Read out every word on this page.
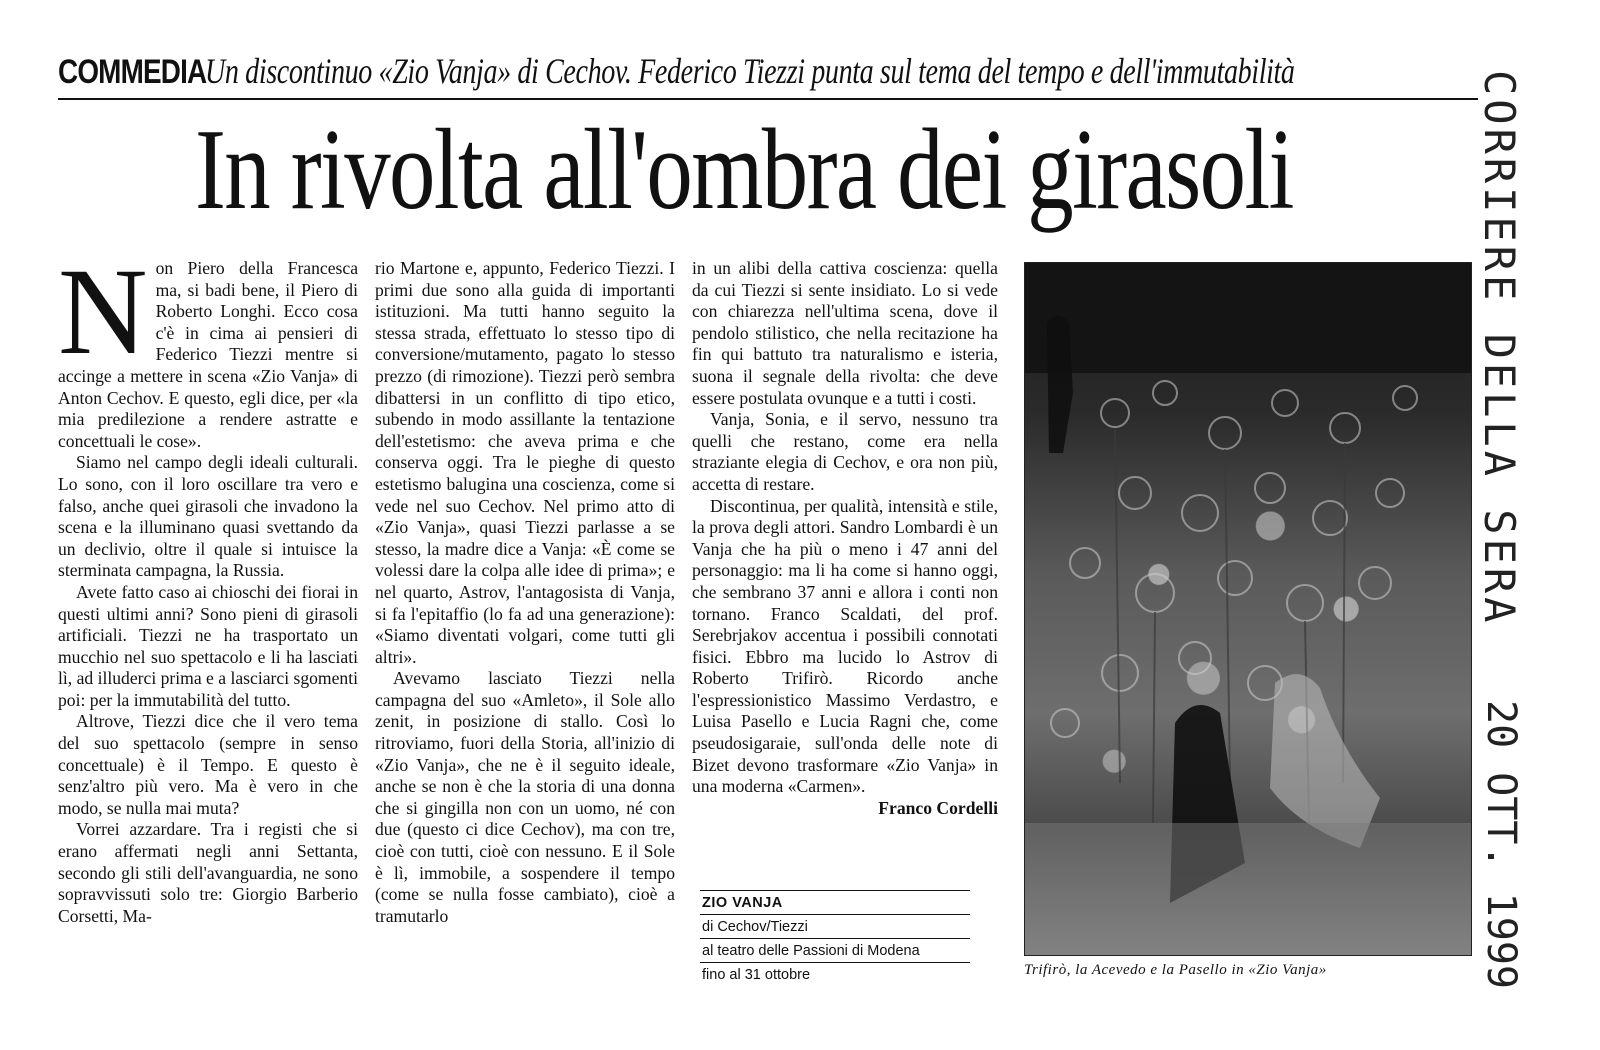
COMMEDIA Un discontinuo «Zio Vanja» di Cechov. Federico Tiezzi punta sul tema del tempo e dell'immutabilità
In rivolta all'ombra dei girasoli	CORRIERE DELLA SERA
20 OTT. 1999
N on Piero della Francesca ma, si badi bene, il Piero di Roberto Longhi. Ecco cosa c'è in cima ai pensieri di Federico Tiezzi mentre si accinge a mettere in scena «Zio Vanja» di Anton Cechov. E questo, egli dice, per «la mia predilezione a rendere astratte e concettuali le cose».

Siamo nel campo degli ideali culturali. Lo sono, con il loro oscillare tra vero e falso, anche quei girasoli che invadono la scena e la illuminano quasi svettando da un declivio, oltre il quale si intuisce la sterminata campagna, la Russia.

Avete fatto caso ai chioschi dei fiorai in questi ultimi anni? Sono pieni di girasoli artificiali. Tiezzi ne ha trasportato un mucchio nel suo spettacolo e li ha lasciati lì, ad illuderci prima e a lasciarci sgomenti poi: per la immutabilità del tutto.

Altrove, Tiezzi dice che il vero tema del suo spettacolo (sempre in senso concettuale) è il Tempo. E questo è senz'altro più vero. Ma è vero in che modo, se nulla mai muta?

Vorrei azzardare. Tra i registi che si erano affermati negli anni Settanta, secondo gli stili dell'avanguardia, ne sono sopravvissuti solo tre: Giorgio Barberio Corsetti, Ma-

rio Martone e, appunto, Federico Tiezzi. I primi due sono alla guida di importanti istituzioni. Ma tutti hanno seguito la stessa strada, effettuato lo stesso tipo di conversione/mutamento, pagato lo stesso prezzo (di rimozione). Tiezzi però sembra dibattersi in un conflitto di tipo etico, subendo in modo assillante la tentazione dell'estetismo: che aveva prima e che conserva oggi. Tra le pieghe di questo estetismo balugina una coscienza, come si vede nel suo Cechov. Nel primo atto di «Zio Vanja», quasi Tiezzi parlasse a se stesso, la madre dice a Vanja: «È come se volessi dare la colpa alle idee di prima»; e nel quarto, Astrov, l'antagosista di Vanja, si fa l'epitaffio (lo fa ad una generazione): «Siamo diventati volgari, come tutti gli altri».

Avevamo lasciato Tiezzi nella campagna del suo «Amleto», il Sole allo zenit, in posizione di stallo. Così lo ritroviamo, fuori della Storia, all'inizio di «Zio Vanja», che ne è il seguito ideale, anche se non è che la storia di una donna che si gingilla non con un uomo, né con due (questo ci dice Cechov), ma con tre, cioè con tutti, cioè con nessuno. E il Sole è lì, immobile, a sospendere il tempo (come se nulla fosse cambiato), cioè a tramutarlo

in un alibi della cattiva coscienza: quella da cui Tiezzi si sente insidiato. Lo si vede con chiarezza nell'ultima scena, dove il pendolo stilistico, che nella recitazione ha fin qui battuto tra naturalismo e isteria, suona il segnale della rivolta: che deve essere postulata ovunque e a tutti i costi.

Vanja, Sonia, e il servo, nessuno tra quelli che restano, come era nella straziante elegia di Cechov, e ora non più, accetta di restare.

Discontinua, per qualità, intensità e stile, la prova degli attori. Sandro Lombardi è un Vanja che ha più o meno i 47 anni del personaggio: ma li ha come si hanno oggi, che sembrano 37 anni e allora i conti non tornano. Franco Scaldati, del prof. Serebrjakov accentua i possibili connotati fisici. Ebbro ma lucido lo Astrov di Roberto Trifirò. Ricordo anche l'espressionistico Massimo Verdastro, e Luisa Pasello e Lucia Ragni che, come pseudosigaraie, sull'onda delle note di Bizet devono trasformare «Zio Vanja» in una moderna «Carmen».

Franco Cordelli

ZIO VANJA
di Cechov/Tiezzi
al teatro delle Passioni di Modena
fino al 31 ottobre	Trifirò, la Acevedo e la Pasello in «Zio Vanja»
